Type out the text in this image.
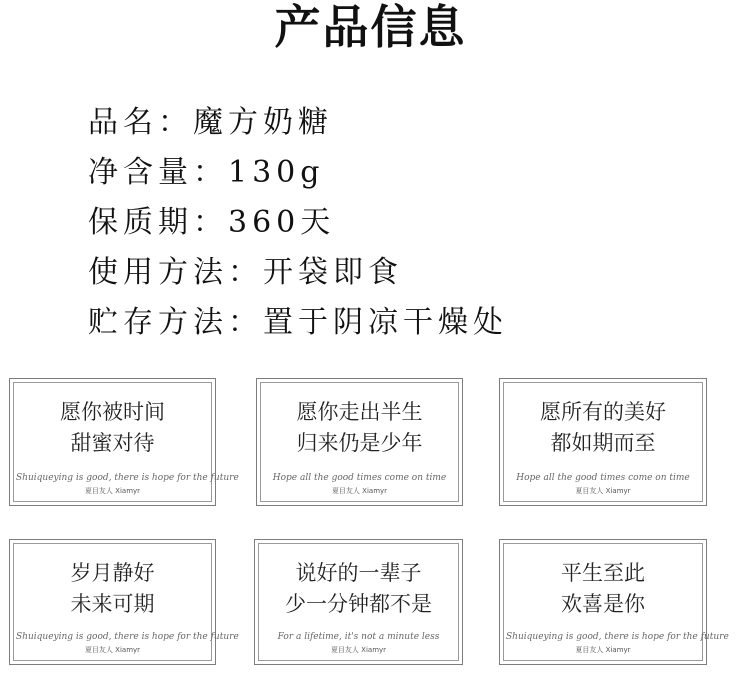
产品信息
品名：魔方奶糖
净含量：130g
保质期：360天
使用方法：开袋即食
贮存方法：置于阴凉干燥处
愿你被时间
甜蜜对待
Shuiqueying is good, there is hope for the future
夏目友人 Xiamyr
愿你走出半生
归来仍是少年
Hope all the good times come on time
夏目友人 Xiamyr
愿所有的美好
都如期而至
Hope all the good times come on time
夏目友人 Xiamyr
岁月静好
未来可期
Shuiqueying is good, there is hope for the future
夏目友人 Xiamyr
说好的一辈子
少一分钟都不是
For a lifetime, it's not a minute less
夏目友人 Xiamyr
平生至此
欢喜是你
Shuiqueying is good, there is hope for the future
夏目友人 Xiamyr
